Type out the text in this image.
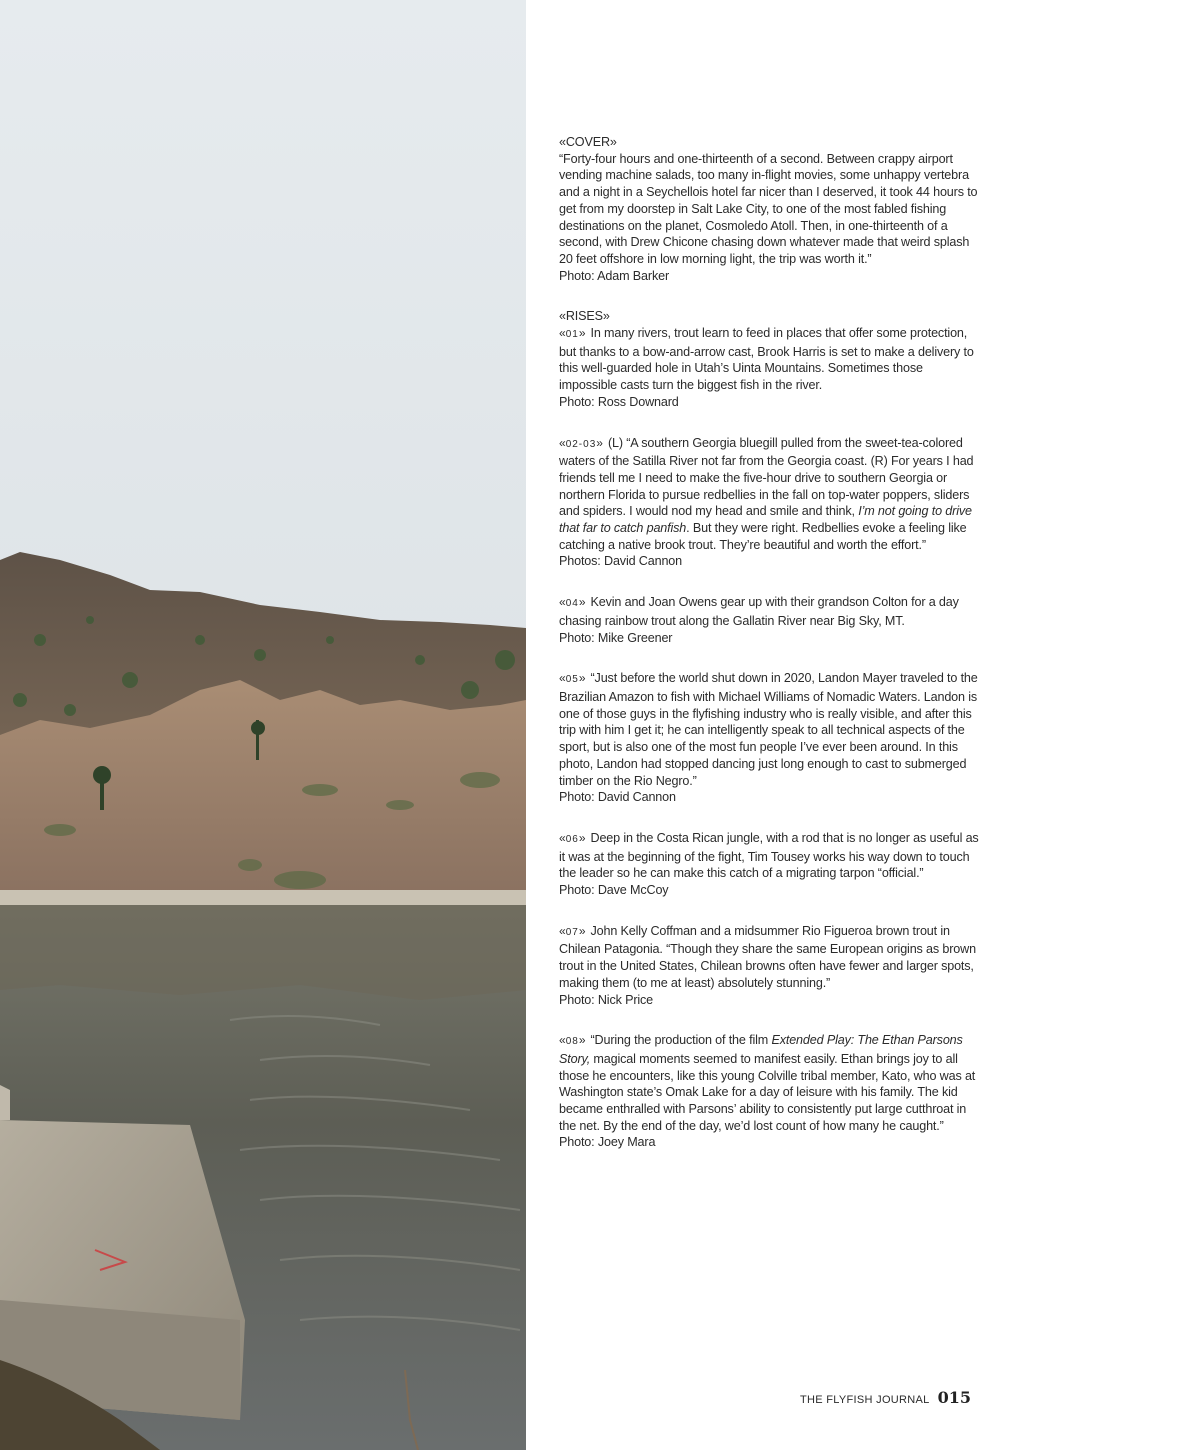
«COVER»

“Forty-four hours and one-thirteenth of a second. Between crappy airport vending machine salads, too many in-flight movies, some unhappy vertebra and a night in a Seychellois hotel far nicer than I deserved, it took 44 hours to get from my doorstep in Salt Lake City, to one of the most fabled fishing destinations on the planet, Cosmoledo Atoll. Then, in one-thirteenth of a second, with Drew Chicone chasing down whatever made that weird splash 20 feet offshore in low morning light, the trip was worth it.”

Photo: Adam Barker

«RISES»

«01» In many rivers, trout learn to feed in places that offer some protection, but thanks to a bow-and-arrow cast, Brook Harris is set to make a delivery to this well-guarded hole in Utah’s Uinta Mountains. Sometimes those impossible casts turn the biggest fish in the river.

Photo: Ross Downard

«02-03» (L) “A southern Georgia bluegill pulled from the sweet-tea-colored waters of the Satilla River not far from the Georgia coast. (R) For years I had friends tell me I need to make the five-hour drive to southern Georgia or northern Florida to pursue redbellies in the fall on top-water poppers, sliders and spiders. I would nod my head and smile and think, I’m not going to drive that far to catch panfish. But they were right. Redbellies evoke a feeling like catching a native brook trout. They’re beautiful and worth the effort.”

Photos: David Cannon

«04» Kevin and Joan Owens gear up with their grandson Colton for a day chasing rainbow trout along the Gallatin River near Big Sky, MT.

Photo: Mike Greener

«05» “Just before the world shut down in 2020, Landon Mayer traveled to the Brazilian Amazon to fish with Michael Williams of Nomadic Waters. Landon is one of those guys in the flyfishing industry who is really visible, and after this trip with him I get it; he can intelligently speak to all technical aspects of the sport, but is also one of the most fun people I’ve ever been around. In this photo, Landon had stopped dancing just long enough to cast to submerged timber on the Rio Negro.”

Photo: David Cannon

«06» Deep in the Costa Rican jungle, with a rod that is no longer as useful as it was at the beginning of the fight, Tim Tousey works his way down to touch the leader so he can make this catch of a migrating tarpon “official.”

Photo: Dave McCoy

«07» John Kelly Coffman and a midsummer Rio Figueroa brown trout in Chilean Patagonia. “Though they share the same European origins as brown trout in the United States, Chilean browns often have fewer and larger spots, making them (to me at least) absolutely stunning.”

Photo: Nick Price

«08» “During the production of the film Extended Play: The Ethan Parsons Story, magical moments seemed to manifest easily. Ethan brings joy to all those he encounters, like this young Colville tribal member, Kato, who was at Washington state’s Omak Lake for a day of leisure with his family. The kid became enthralled with Parsons’ ability to consistently put large cutthroat in the net. By the end of the day, we’d lost count of how many he caught.”

Photo: Joey Mara

THE FLYFISH JOURNAL 015
